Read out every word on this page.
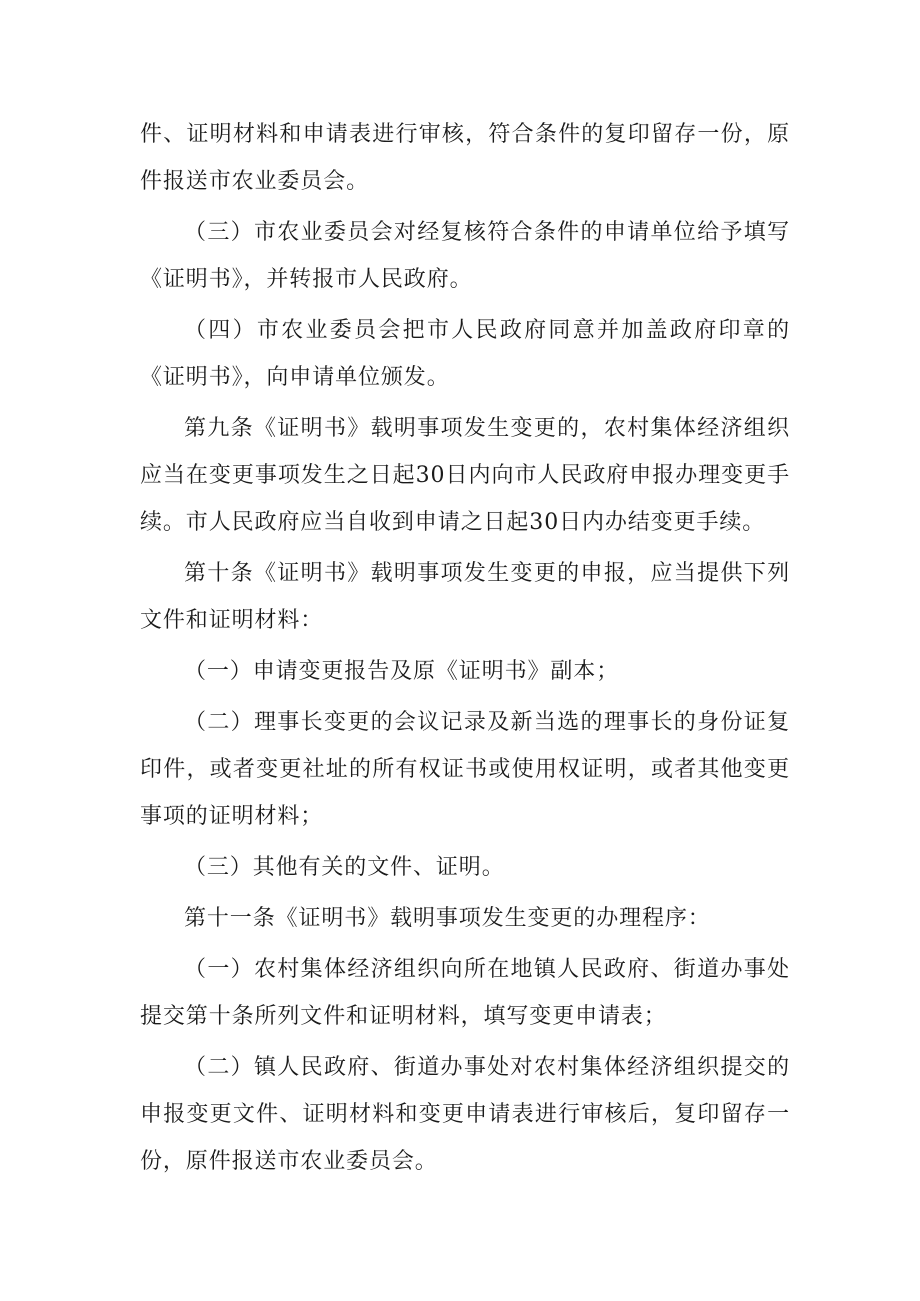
件、证明材料和申请表进行审核，符合条件的复印留存一份，原件报送市农业委员会。

（三）市农业委员会对经复核符合条件的申请单位给予填写《证明书》，并转报市人民政府。

（四）市农业委员会把市人民政府同意并加盖政府印章的《证明书》，向申请单位颁发。

第九条《证明书》载明事项发生变更的，农村集体经济组织应当在变更事项发生之日起30日内向市人民政府申报办理变更手续。市人民政府应当自收到申请之日起30日内办结变更手续。

第十条《证明书》载明事项发生变更的申报，应当提供下列文件和证明材料：

（一）申请变更报告及原《证明书》副本；

（二）理事长变更的会议记录及新当选的理事长的身份证复印件，或者变更社址的所有权证书或使用权证明，或者其他变更事项的证明材料；

（三）其他有关的文件、证明。

第十一条《证明书》载明事项发生变更的办理程序：

（一）农村集体经济组织向所在地镇人民政府、街道办事处提交第十条所列文件和证明材料，填写变更申请表；

（二）镇人民政府、街道办事处对农村集体经济组织提交的申报变更文件、证明材料和变更申请表进行审核后，复印留存一份，原件报送市农业委员会。
